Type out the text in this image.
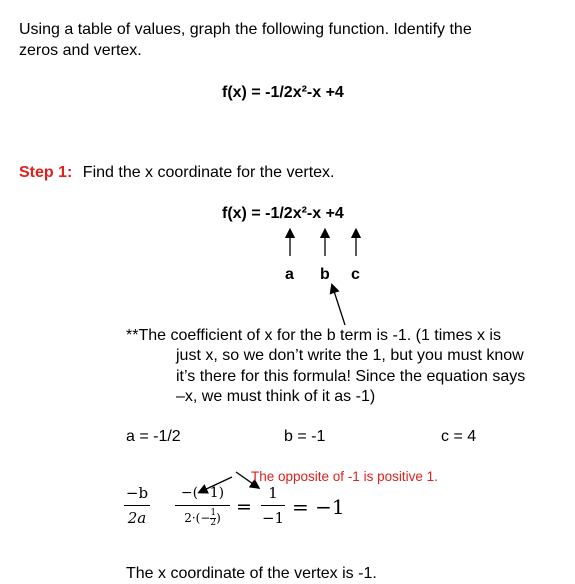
Using a table of values, graph the following function. Identify the
zeros and vertex.
f(x) = -1/2x²-x +4
Step 1: Find the x coordinate for the vertex.
f(x) = -1/2x²-x +4
a b c
**The coefficient of x for the b term is -1. (1 times x is
just x, so we don’t write the 1, but you must know
it’s there for this formula! Since the equation says
–x, we must think of it as -1)
a = -1/2	b = -1	c = 4
The opposite of -1 is positive 1.
−b
2a
−(−1)
$2\cdot(- \frac{1}{2}$ ) =
1
−1 = −1
The x coordinate of the vertex is -1.
